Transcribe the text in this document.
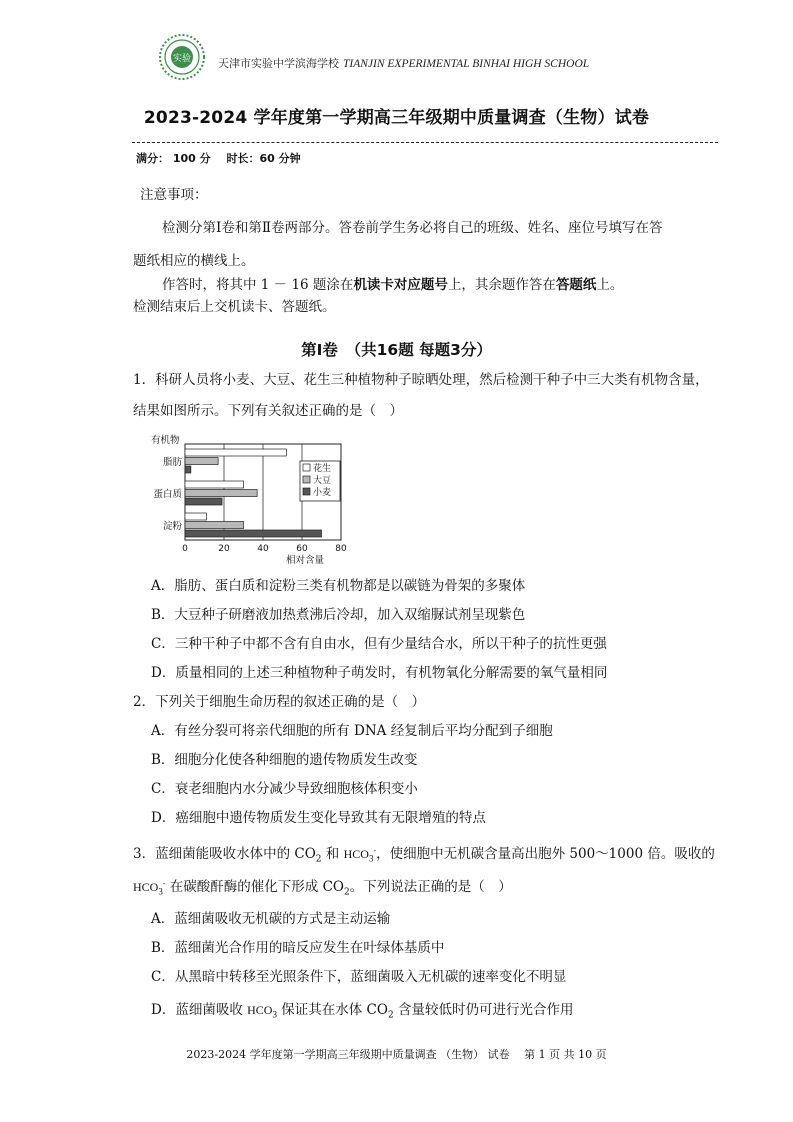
实验 天津市实验中学滨海学校 TIANJIN EXPERIMENTAL BINHAI HIGH SCHOOL
2023-2024 学年度第一学期高三年级期中质量调查（生物）试卷
满分： 100 分 时长：60 分钟
注意事项：
检测分第Ⅰ卷和第Ⅱ卷两部分。答卷前学生务必将自己的班级、姓名、座位号填写在答
题纸相应的横线上。
作答时，将其中 1 － 16 题涂在机读卡对应题号上，其余题作答在答题纸上。
检测结束后上交机读卡、答题纸。
第Ⅰ卷　（共16题 每题3分）
1．科研人员将小麦、大豆、花生三种植物种子晾晒处理，然后检测干种子中三大类有机物含量，
结果如图所示。下列有关叙述正确的是（　）
有机物
相对含量
0	20	40	60	80
脂肪
蛋白质
淀粉
花生
大豆
小麦
A．脂肪、蛋白质和淀粉三类有机物都是以碳链为骨架的多聚体
B．大豆种子研磨液加热煮沸后冷却，加入双缩脲试剂呈现紫色
C．三种干种子中都不含有自由水，但有少量结合水，所以干种子的抗性更强
D．质量相同的上述三种植物种子萌发时，有机物氧化分解需要的氧气量相同
2．下列关于细胞生命历程的叙述正确的是（　）
A．有丝分裂可将亲代细胞的所有 DNA 经复制后平均分配到子细胞
B．细胞分化使各种细胞的遗传物质发生改变
C．衰老细胞内水分减少导致细胞核体积变小
D．癌细胞中遗传物质发生变化导致其有无限增殖的特点
3．蓝细菌能吸收水体中的 $CO_2$ 和 $HCO_3^-$，使细胞中无机碳含量高出胞外 500～1000 倍。吸收的
$HCO_3^-$ 在碳酸酐酶的催化下形成 $CO_2$。下列说法正确的是（　）
A．蓝细菌吸收无机碳的方式是主动运输
B．蓝细菌光合作用的暗反应发生在叶绿体基质中
C．从黑暗中转移至光照条件下，蓝细菌吸入无机碳的速率变化不明显
D．蓝细菌吸收 $HCO_3$ 保证其在水体 $CO_2$ 含量较低时仍可进行光合作用
2023-2024 学年度第一学期高三年级期中质量调查 （生物） 试卷　 第 1 页 共 10 页
